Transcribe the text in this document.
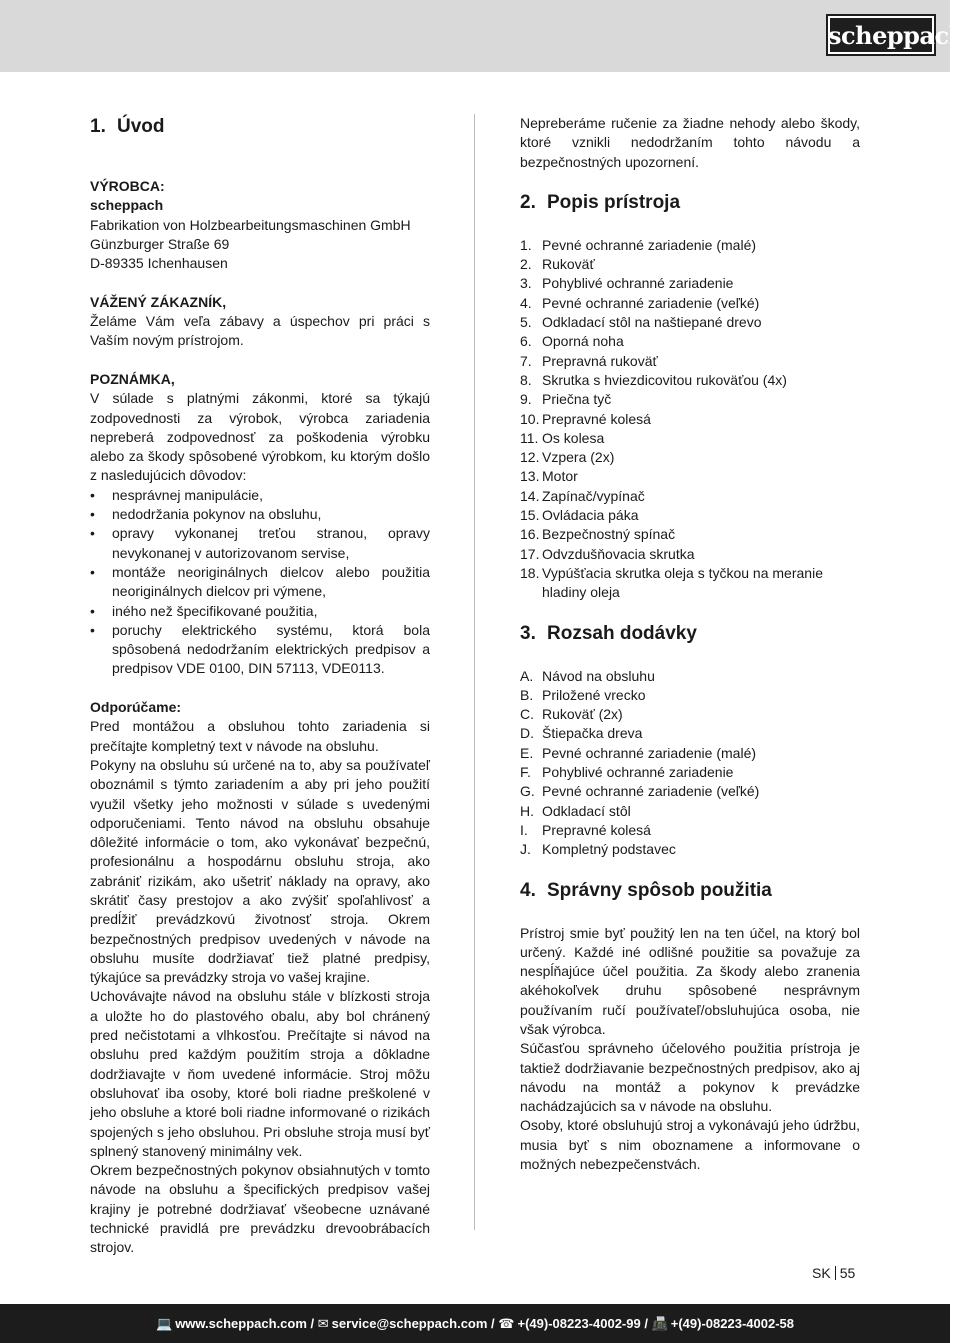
scheppach
1. Úvod
VÝROBCA:
scheppach
Fabrikation von Holzbearbeitungsmaschinen GmbH
Günzburger Straße 69
D-89335 Ichenhausen
VÁŽENÝ ZÁKAZNÍK,

Želáme Vám veľa zábavy a úspechov pri práci s Vaším novým prístrojom.

POZNÁMKA,

V súlade s platnými zákonmi, ktoré sa týkajú zodpovednosti za výrobok, výrobca zariadenia nepreberá zodpovednosť za poškodenia výrobku alebo za škody spôsobené výrobkom, ku ktorým došlo z nasledujúcich dôvodov:

• nesprávnej manipulácie,
• nedodržania pokynov na obsluhu,
• opravy vykonanej treťou stranou, opravy nevykonanej v autorizovanom servise,
• montáže neoriginálnych dielcov alebo použitia neoriginálnych dielcov pri výmene,
• iného než špecifikované použitia,
• poruchy elektrického systému, ktorá bola spôsobená nedodržaním elektrických predpisov a predpisov VDE 0100, DIN 57113, VDE0113.
Odporúčame:

Pred montážou a obsluhou tohto zariadenia si prečítajte kompletný text v návode na obsluhu.

Pokyny na obsluhu sú určené na to, aby sa používateľ oboznámil s týmto zariadením a aby pri jeho použití využil všetky jeho možnosti v súlade s uvedenými odporučeniami. Tento návod na obsluhu obsahuje dôležité informácie o tom, ako vykonávať bezpečnú, profesionálnu a hospodárnu obsluhu stroja, ako zabrániť rizikám, ako ušetriť náklady na opravy, ako skrátiť časy prestojov a ako zvýšiť spoľahlivosť a predĺžiť prevádzkovú životnosť stroja. Okrem bezpečnostných predpisov uvedených v návode na obsluhu musíte dodržiavať tiež platné predpisy, týkajúce sa prevádzky stroja vo vašej krajine.

Uchovávajte návod na obsluhu stále v blízkosti stroja a uložte ho do plastového obalu, aby bol chránený pred nečistotami a vlhkosťou. Prečítajte si návod na obsluhu pred každým použitím stroja a dôkladne dodržiavajte v ňom uvedené informácie. Stroj môžu obsluhovať iba osoby, ktoré boli riadne preškolené v jeho obsluhe a ktoré boli riadne informované o rizikách spojených s jeho obsluhou. Pri obsluhe stroja musí byť splnený stanovený minimálny vek.

Okrem bezpečnostných pokynov obsiahnutých v tomto návode na obsluhu a špecifických predpisov vašej krajiny je potrebné dodržiavať všeobecne uznávané technické pravidlá pre prevádzku drevoobrábacích strojov.

Nepreberáme ručenie za žiadne nehody alebo škody, ktoré vznikli nedodržaním tohto návodu a bezpečnostných upozornení.

2. Popis prístroja
1. Pevné ochranné zariadenie (malé)
2. Rukoväť
3. Pohyblivé ochranné zariadenie
4. Pevné ochranné zariadenie (veľké)
5. Odkladací stôl na naštiepané drevo
6. Oporná noha
7. Prepravná rukoväť
8. Skrutka s hviezdicovitou rukoväťou (4x)
9. Priečna tyč
10. Prepravné kolesá
11. Os kolesa
12. Vzpera (2x)
13. Motor
14. Zapínač/vypínač
15. Ovládacia páka
16. Bezpečnostný spínač
17. Odvzdušňovacia skrutka
18. Vypúšťacia skrutka oleja s tyčkou na meranie hladiny oleja
3. Rozsah dodávky
A. Návod na obsluhu
B. Priložené vrecko
C. Rukoväť (2x)
D. Štiepačka dreva
E. Pevné ochranné zariadenie (malé)
F. Pohyblivé ochranné zariadenie
G. Pevné ochranné zariadenie (veľké)
H. Odkladací stôl
I. Prepravné kolesá
J. Kompletný podstavec
4. Správny spôsob použitia

Prístroj smie byť použitý len na ten účel, na ktorý bol určený. Každé iné odlišné použitie sa považuje za nespĺňajúce účel použitia. Za škody alebo zranenia akéhokoľvek druhu spôsobené nesprávnym používaním ručí používateľ/obsluhujúca osoba, nie však výrobca.

Súčasťou správneho účelového použitia prístroja je taktiež dodržiavanie bezpečnostných predpisov, ako aj návodu na montáž a pokynov k prevádzke nachádzajúcich sa v návode na obsluhu.

Osoby, ktoré obsluhujú stroj a vykonávajú jeho údržbu, musia byť s nim oboznamene a informovane o možných nebezpečenstvách.

SK 55
💻 www.scheppach.com / ✉ service@scheppach.com / ☎ +(49)-08223-4002-99 / 📠 +(49)-08223-4002-58
